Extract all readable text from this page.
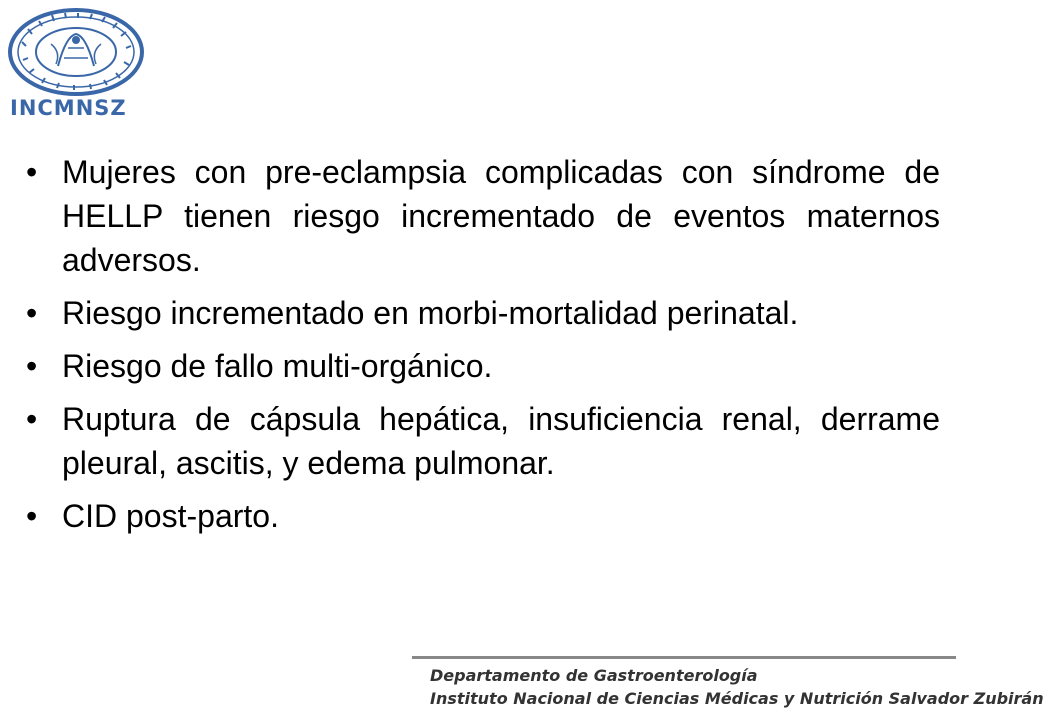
INCMNSZ
• Mujeres con pre-eclampsia complicadas con síndrome de HELLP tienen riesgo incrementado de eventos maternos adversos.
• Riesgo incrementado en morbi-mortalidad perinatal.
• Riesgo de fallo multi-orgánico.
• Ruptura de cápsula hepática, insuficiencia renal, derrame pleural, ascitis, y edema pulmonar.
• CID post-parto.
Departamento de Gastroenterología
Instituto Nacional de Ciencias Médicas y Nutrición Salvador Zubirán
